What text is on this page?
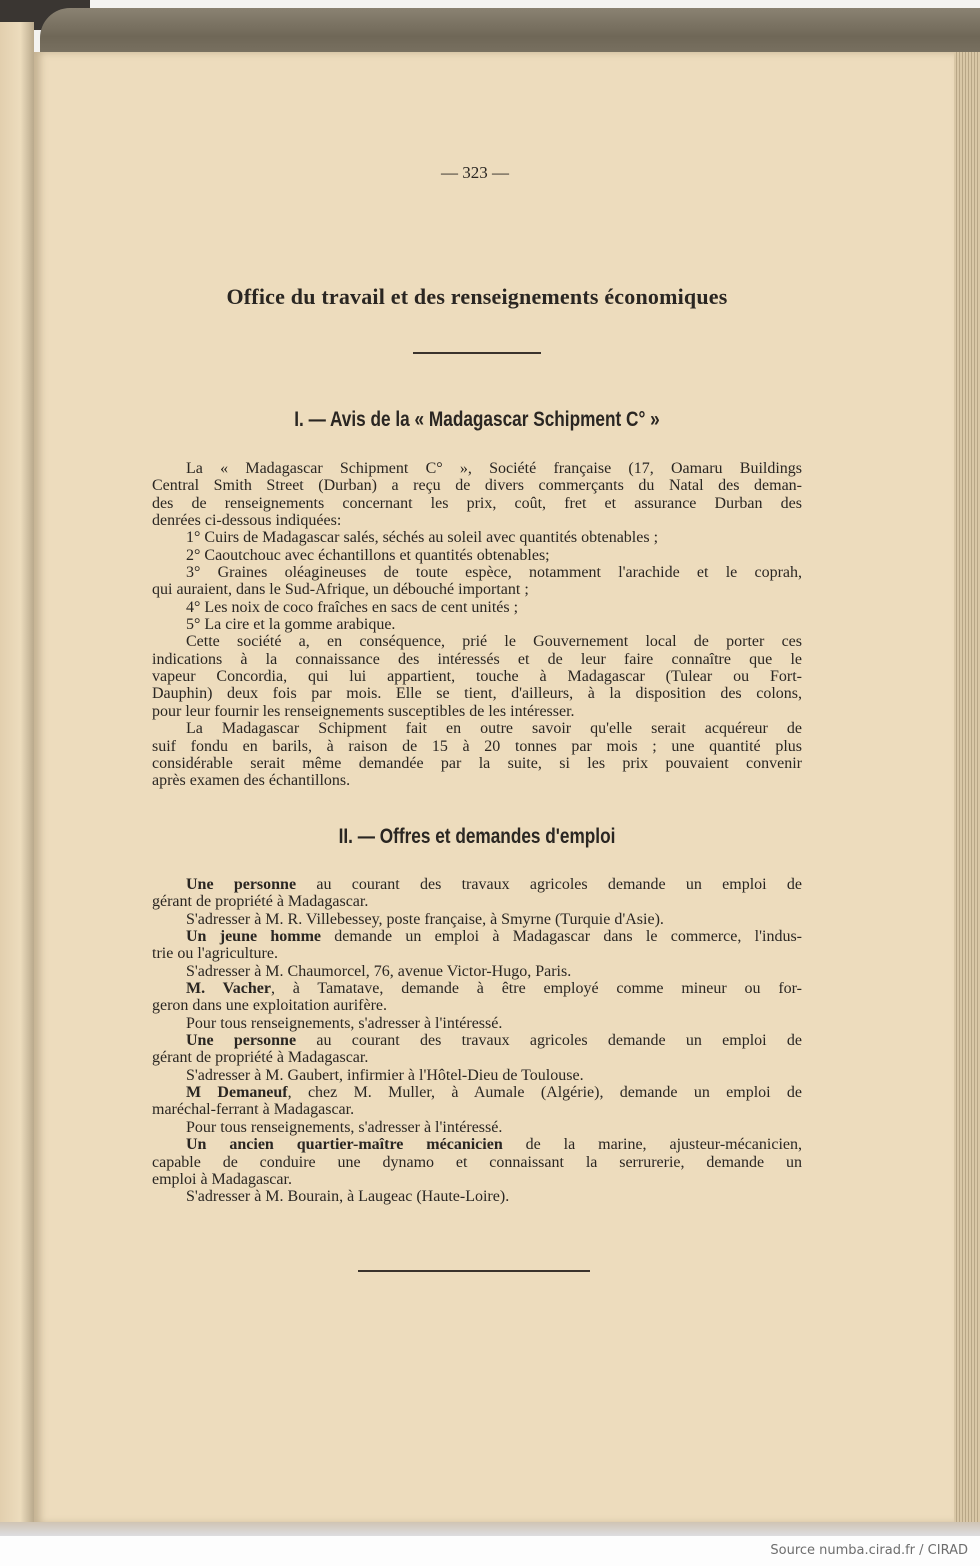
— 323 —
Office du travail et des renseignements économiques
I. — Avis de la « Madagascar Schipment C° »
La « Madagascar Schipment C° », Société française (17, Oamaru Buildings
Central Smith Street (Durban) a reçu de divers commerçants du Natal des deman-
des de renseignements concernant les prix, coût, fret et assurance Durban des
denrées ci-dessous indiquées:
1° Cuirs de Madagascar salés, séchés au soleil avec quantités obtenables ;
2° Caoutchouc avec échantillons et quantités obtenables;
3° Graines oléagineuses de toute espèce, notamment l'arachide et le coprah,
qui auraient, dans le Sud-Afrique, un débouché important ;
4° Les noix de coco fraîches en sacs de cent unités ;
5° La cire et la gomme arabique.
Cette société a, en conséquence, prié le Gouvernement local de porter ces
indications à la connaissance des intéressés et de leur faire connaître que le
vapeur Concordia, qui lui appartient, touche à Madagascar (Tulear ou Fort-
Dauphin) deux fois par mois. Elle se tient, d'ailleurs, à la disposition des colons,
pour leur fournir les renseignements susceptibles de les intéresser.
La Madagascar Schipment fait en outre savoir qu'elle serait acquéreur de
suif fondu en barils, à raison de 15 à 20 tonnes par mois ; une quantité plus
considérable serait même demandée par la suite, si les prix pouvaient convenir
après examen des échantillons.
II. — Offres et demandes d'emploi
Une personne au courant des travaux agricoles demande un emploi de
gérant de propriété à Madagascar.
S'adresser à M. R. Villebessey, poste française, à Smyrne (Turquie d'Asie).
Un jeune homme demande un emploi à Madagascar dans le commerce, l'indus-
trie ou l'agriculture.
S'adresser à M. Chaumorcel, 76, avenue Victor-Hugo, Paris.
M. Vacher, à Tamatave, demande à être employé comme mineur ou for-
geron dans une exploitation aurifère.
Pour tous renseignements, s'adresser à l'intéressé.
Une personne au courant des travaux agricoles demande un emploi de
gérant de propriété à Madagascar.
S'adresser à M. Gaubert, infirmier à l'Hôtel-Dieu de Toulouse.
M Demaneuf, chez M. Muller, à Aumale (Algérie), demande un emploi de
maréchal-ferrant à Madagascar.
Pour tous renseignements, s'adresser à l'intéressé.
Un ancien quartier-maître mécanicien de la marine, ajusteur-mécanicien,
capable de conduire une dynamo et connaissant la serrurerie, demande un
emploi à Madagascar.
S'adresser à M. Bourain, à Laugeac (Haute-Loire).
Source numba.cirad.fr / CIRAD
